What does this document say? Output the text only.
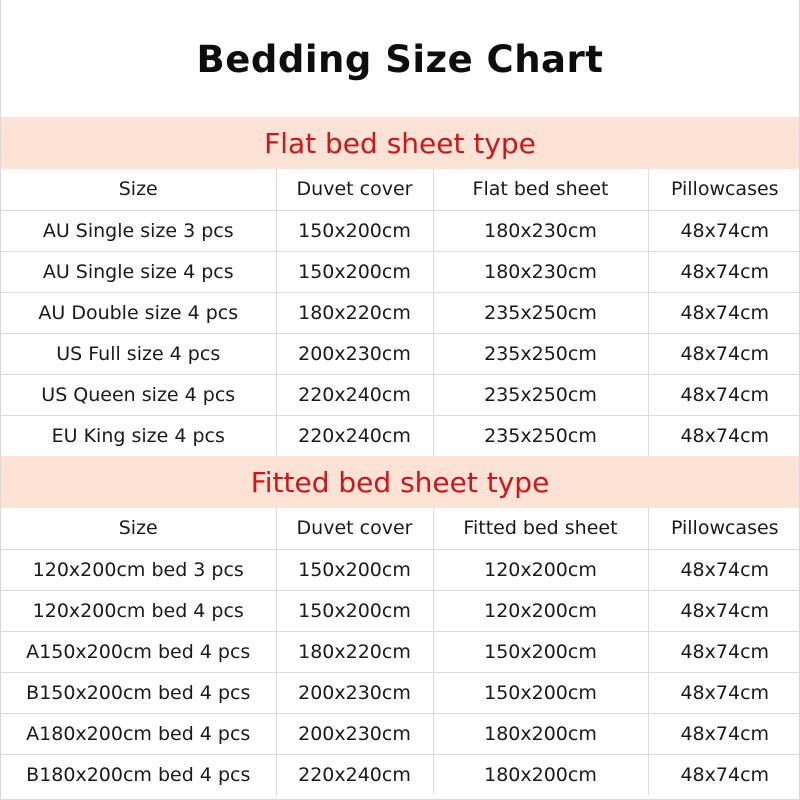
Bedding Size Chart
Flat bed sheet type
Size	Duvet cover	Flat bed sheet	Pillowcases
AU Single size 3 pcs	150x200cm	180x230cm	48x74cm
AU Single size 4 pcs	150x200cm	180x230cm	48x74cm
AU Double size 4 pcs	180x220cm	235x250cm	48x74cm
US Full size 4 pcs	200x230cm	235x250cm	48x74cm
US Queen size 4 pcs	220x240cm	235x250cm	48x74cm
EU King size 4 pcs	220x240cm	235x250cm	48x74cm
Fitted bed sheet type
Size	Duvet cover	Fitted bed sheet	Pillowcases
120x200cm bed 3 pcs	150x200cm	120x200cm	48x74cm
120x200cm bed 4 pcs	150x200cm	120x200cm	48x74cm
A150x200cm bed 4 pcs	180x220cm	150x200cm	48x74cm
B150x200cm bed 4 pcs	200x230cm	150x200cm	48x74cm
A180x200cm bed 4 pcs	200x230cm	180x200cm	48x74cm
B180x200cm bed 4 pcs	220x240cm	180x200cm	48x74cm
